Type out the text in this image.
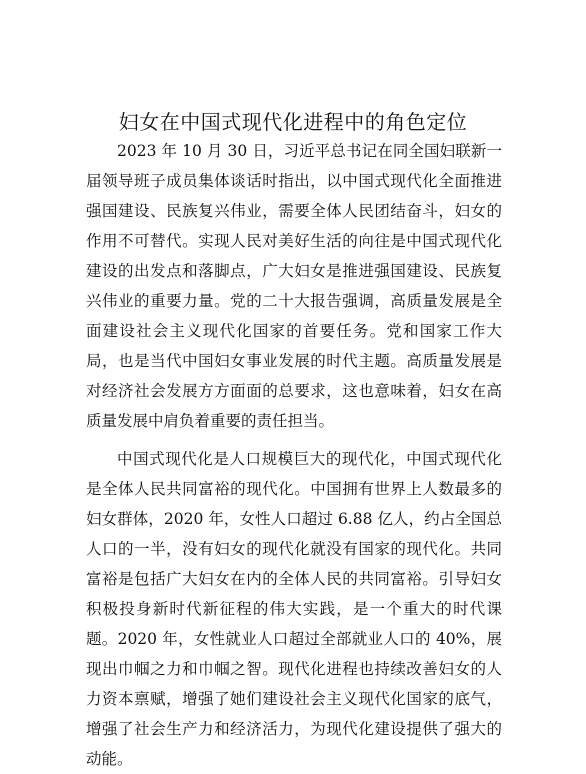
妇女在中国式现代化进程中的角色定位

2023 年 10 月 30 日，习近平总书记在同全国妇联新一届领导班子成员集体谈话时指出，以中国式现代化全面推进强国建设、民族复兴伟业，需要全体人民团结奋斗，妇女的作用不可替代。实现人民对美好生活的向往是中国式现代化建设的出发点和落脚点，广大妇女是推进强国建设、民族复兴伟业的重要力量。党的二十大报告强调，高质量发展是全面建设社会主义现代化国家的首要任务。党和国家工作大局，也是当代中国妇女事业发展的时代主题。高质量发展是对经济社会发展方方面面的总要求，这也意味着，妇女在高质量发展中肩负着重要的责任担当。

中国式现代化是人口规模巨大的现代化，中国式现代化是全体人民共同富裕的现代化。中国拥有世界上人数最多的妇女群体，2020 年，女性人口超过 6.88 亿人，约占全国总人口的一半，没有妇女的现代化就没有国家的现代化。共同富裕是包括广大妇女在内的全体人民的共同富裕。引导妇女积极投身新时代新征程的伟大实践，是一个重大的时代课题。2020 年，女性就业人口超过全部就业人口的 40%，展现出巾帼之力和巾帼之智。现代化进程也持续改善妇女的人力资本禀赋，增强了她们建设社会主义现代化国家的底气，增强了社会生产力和经济活力，为现代化建设提供了强大的动能。
